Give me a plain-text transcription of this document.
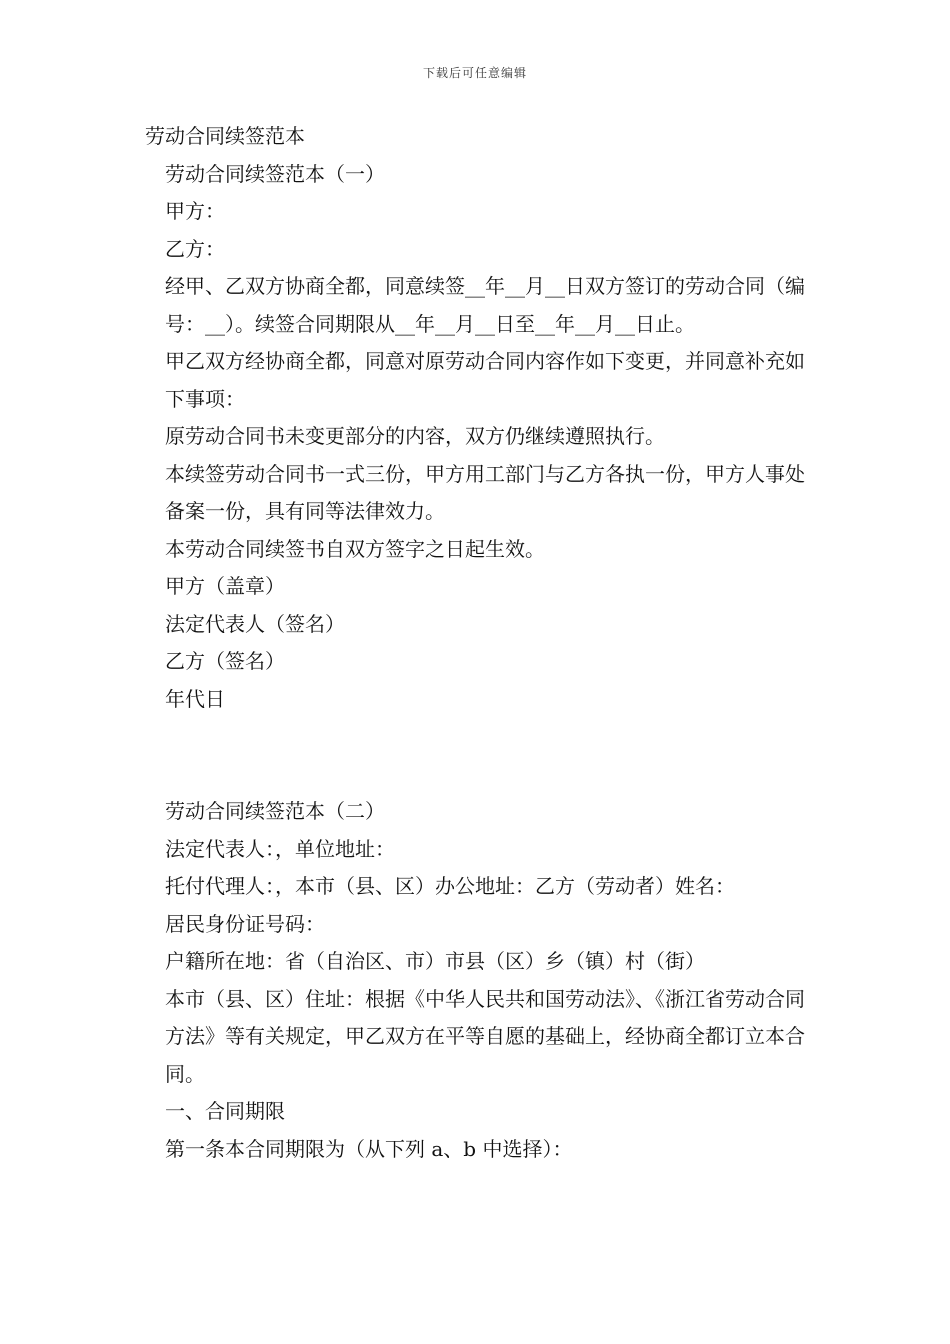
下载后可任意编辑

劳动合同续签范本

劳动合同续签范本（一）

甲方：

乙方：

经甲、乙双方协商全都，同意续签__年__月__日双方签订的劳动合同（编号：__）。续签合同期限从__年__月__日至__年__月__日止。

甲乙双方经协商全都，同意对原劳动合同内容作如下变更，并同意补充如下事项：

原劳动合同书未变更部分的内容，双方仍继续遵照执行。

本续签劳动合同书一式三份，甲方用工部门与乙方各执一份，甲方人事处备案一份，具有同等法律效力。

本劳动合同续签书自双方签字之日起生效。

甲方（盖章）

法定代表人（签名）

乙方（签名）

年代日

劳动合同续签范本（二）

法定代表人：，单位地址：

托付代理人：，本市（县、区）办公地址：乙方（劳动者）姓名：

居民身份证号码：

户籍所在地：省（自治区、市）市县（区）乡（镇）村（街）

本市（县、区）住址：根据《中华人民共和国劳动法》、《浙江省劳动合同方法》等有关规定，甲乙双方在平等自愿的基础上，经协商全都订立本合同。

一、合同期限

第一条本合同期限为（从下列 a、b 中选择）：
